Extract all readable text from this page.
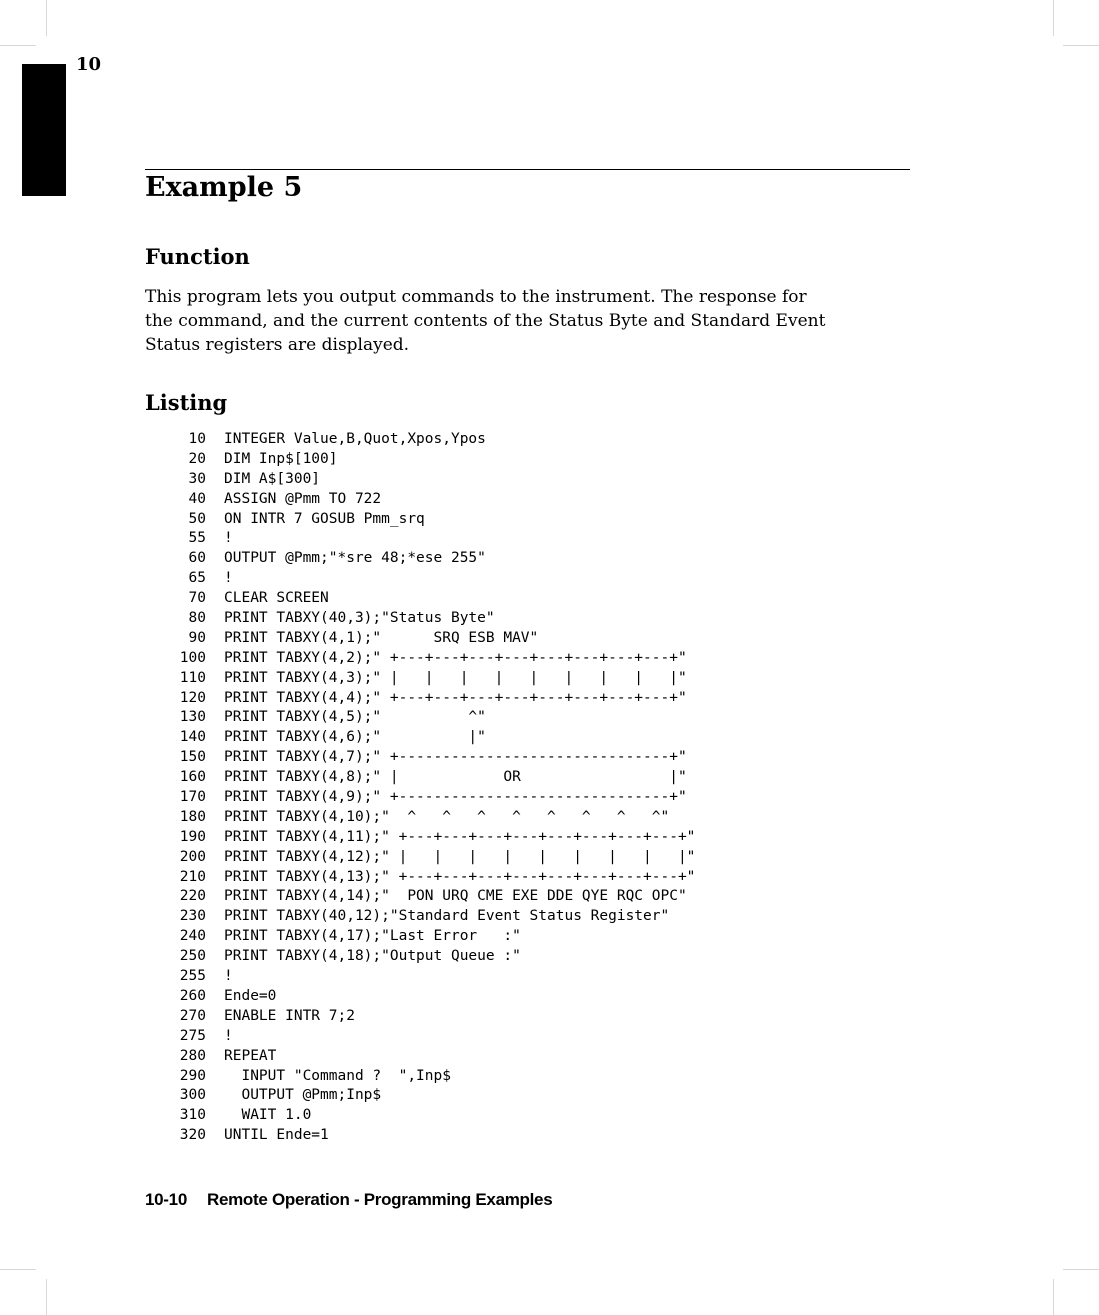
10
Example 5
Function

This program lets you output commands to the instrument. The response for
the command, and the current contents of the Status Byte and Standard Event
Status registers are displayed.

Listing
10	INTEGER Value,B,Quot,Xpos,Ypos
20	DIM Inp$[100]
30	DIM A$[300]
40	ASSIGN @Pmm TO 722
50	ON INTR 7 GOSUB Pmm_srq
55	!
60	OUTPUT @Pmm;"*sre 48;*ese 255"
65	!
70	CLEAR SCREEN
80	PRINT TABXY(40,3);"Status Byte"
90	PRINT TABXY(4,1);"      SRQ ESB MAV"
100	PRINT TABXY(4,2);" +---+---+---+---+---+---+---+---+"
110	PRINT TABXY(4,3);" |   |   |   |   |   |   |   |   |"
120	PRINT TABXY(4,4);" +---+---+---+---+---+---+---+---+"
130	PRINT TABXY(4,5);"          ^"
140	PRINT TABXY(4,6);"          |"
150	PRINT TABXY(4,7);" +-------------------------------+"
160	PRINT TABXY(4,8);" |            OR                 |"
170	PRINT TABXY(4,9);" +-------------------------------+"
180	PRINT TABXY(4,10);"  ^   ^   ^   ^   ^   ^   ^   ^"
190	PRINT TABXY(4,11);" +---+---+---+---+---+---+---+---+"
200	PRINT TABXY(4,12);" |   |   |   |   |   |   |   |   |"
210	PRINT TABXY(4,13);" +---+---+---+---+---+---+---+---+"
220	PRINT TABXY(4,14);"  PON URQ CME EXE DDE QYE RQC OPC"
230	PRINT TABXY(40,12);"Standard Event Status Register"
240	PRINT TABXY(4,17);"Last Error   :"
250	PRINT TABXY(4,18);"Output Queue :"
255	!
260	Ende=0
270	ENABLE INTR 7;2
275	!
280	REPEAT
290	INPUT "Command ?  ",Inp$
300	OUTPUT @Pmm;Inp$
310	WAIT 1.0
320	UNTIL Ende=1
10-10 Remote Operation - Programming Examples
